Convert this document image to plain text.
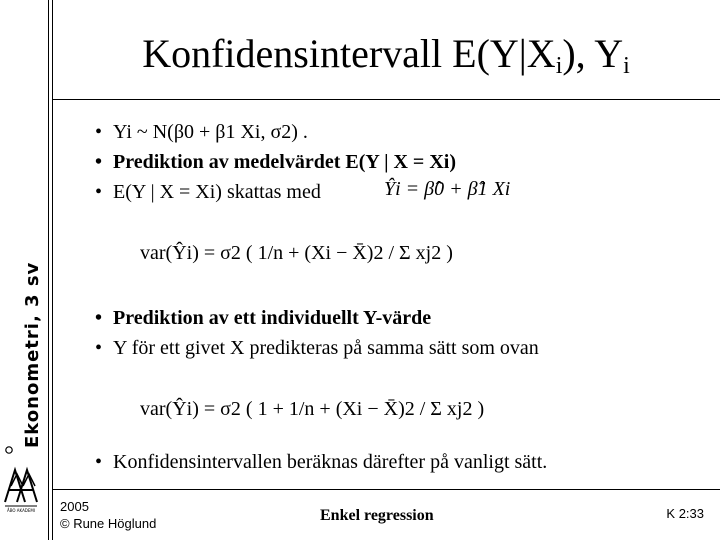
Ekonometri, 3 sv
ÅBO AKADEMI
Konfidensintervall $E(Y|X_i)$, $Y_i$
• Yi ~ N(β0 + β1 Xi, σ2) .
• Prediktion av medelvärdet E(Y | X = Xi)
• E(Y | X = Xi) skattas med	Ŷi = β̂0 + β̂1 Xi
var(Ŷi) = σ2 ( 1/n + (Xi − X̄)2 / Σ xj2 )
• Prediktion av ett individuellt Y-värde
• Y för ett givet X predikteras på samma sätt som ovan
var(Ŷi) = σ2 ( 1 + 1/n + (Xi − X̄)2 / Σ xj2 )
• Konfidensintervallen beräknas därefter på vanligt sätt.
2005
© Rune Höglund	Enkel regression	K 2:33
